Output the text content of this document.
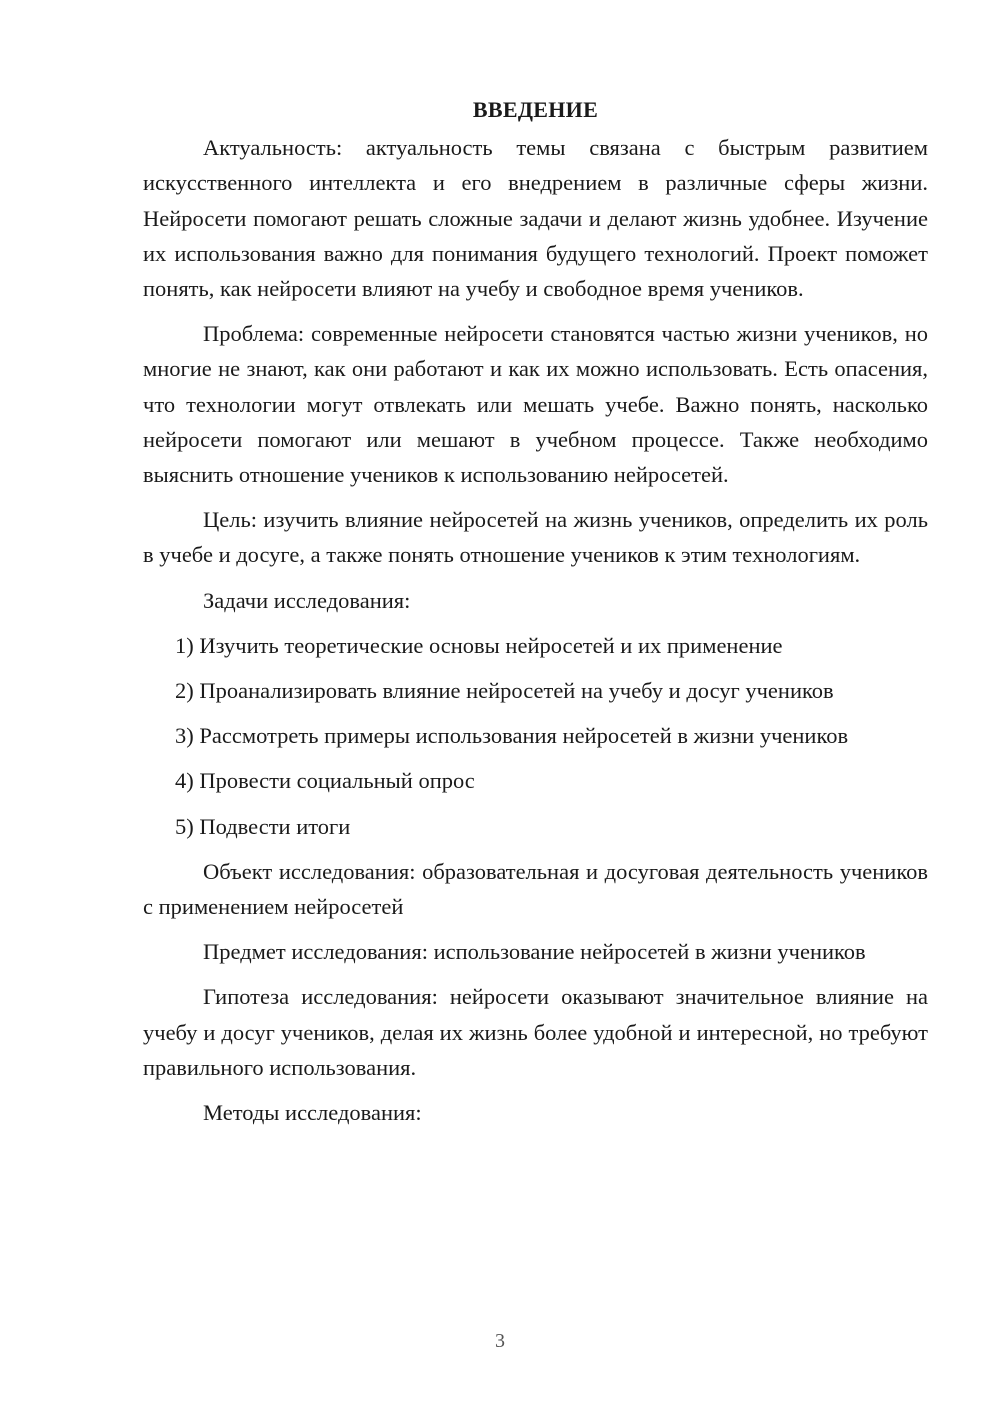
ВВЕДЕНИЕ

Актуальность: актуальность темы связана с быстрым развитием искусственного интеллекта и его внедрением в различные сферы жизни. Нейросети помогают решать сложные задачи и делают жизнь удобнее. Изучение их использования важно для понимания будущего технологий. Проект поможет понять, как нейросети влияют на учебу и свободное время учеников.

Проблема: современные нейросети становятся частью жизни учеников, но многие не знают, как они работают и как их можно использовать. Есть опасения, что технологии могут отвлекать или мешать учебе. Важно понять, насколько нейросети помогают или мешают в учебном процессе. Также необходимо выяснить отношение учеников к использованию нейросетей.

Цель: изучить влияние нейросетей на жизнь учеников, определить их роль в учебе и досуге, а также понять отношение учеников к этим технологиям.

Задачи исследования:

1) Изучить теоретические основы нейросетей и их применение
2) Проанализировать влияние нейросетей на учебу и досуг учеников
3) Рассмотреть примеры использования нейросетей в жизни учеников
4) Провести социальный опрос
5) Подвести итоги

Объект исследования: образовательная и досуговая деятельность учеников с применением нейросетей

Предмет исследования: использование нейросетей в жизни учеников

Гипотеза исследования: нейросети оказывают значительное влияние на учебу и досуг учеников, делая их жизнь более удобной и интересной, но требуют правильного использования.

Методы исследования:

3
